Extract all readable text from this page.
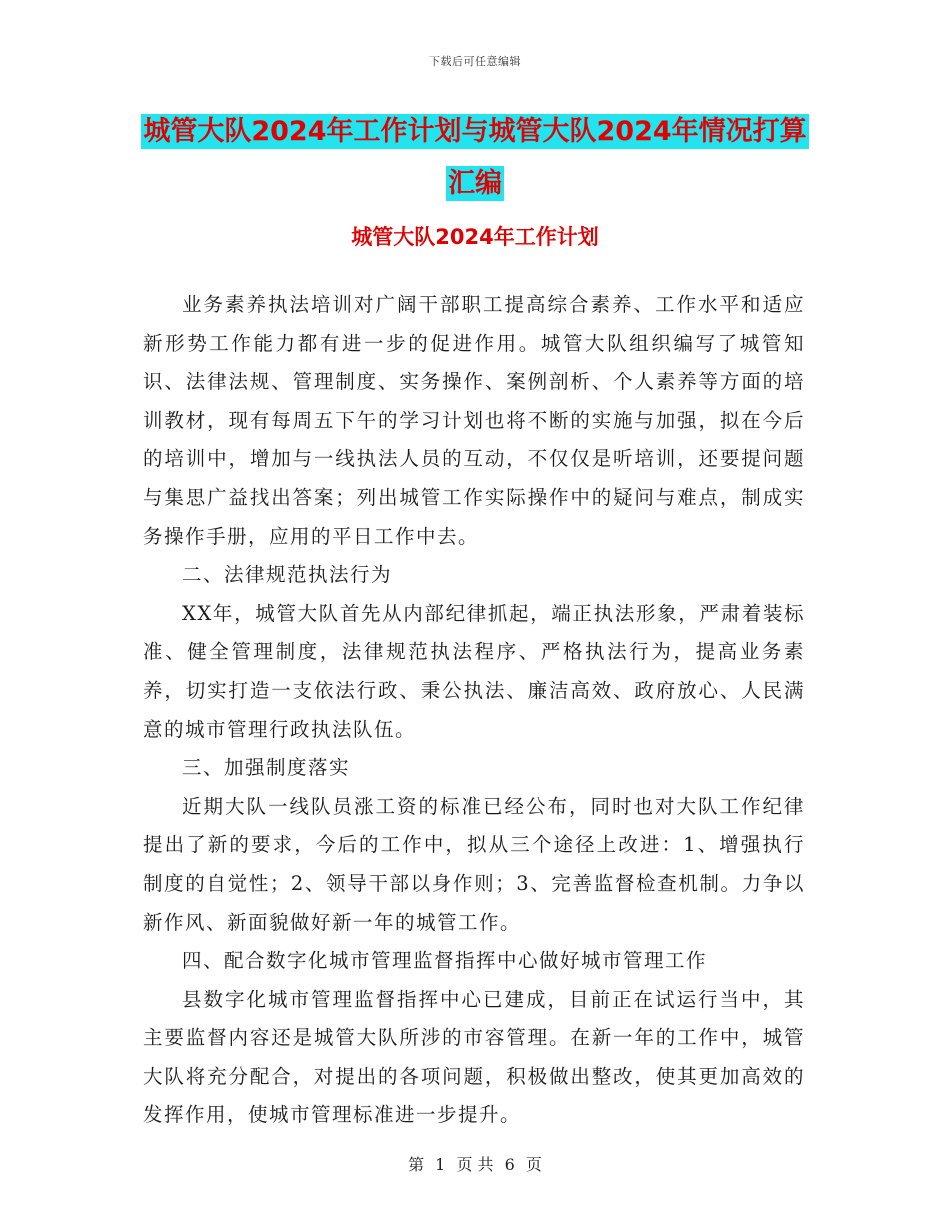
下载后可任意编辑
城管大队2024年工作计划与城管大队2024年情况打算汇编
城管大队2024年工作计划

业务素养执法培训对广阔干部职工提高综合素养、工作水平和适应新形势工作能力都有进一步的促进作用。城管大队组织编写了城管知识、法律法规、管理制度、实务操作、案例剖析、个人素养等方面的培训教材，现有每周五下午的学习计划也将不断的实施与加强，拟在今后的培训中，增加与一线执法人员的互动，不仅仅是听培训，还要提问题与集思广益找出答案；列出城管工作实际操作中的疑问与难点，制成实务操作手册，应用的平日工作中去。

二、法律规范执法行为

XX年，城管大队首先从内部纪律抓起，端正执法形象，严肃着装标准、健全管理制度，法律规范执法程序、严格执法行为，提高业务素养，切实打造一支依法行政、秉公执法、廉洁高效、政府放心、人民满意的城市管理行政执法队伍。

三、加强制度落实

近期大队一线队员涨工资的标准已经公布，同时也对大队工作纪律提出了新的要求，今后的工作中，拟从三个途径上改进：1、增强执行制度的自觉性；2、领导干部以身作则；3、完善监督检查机制。力争以新作风、新面貌做好新一年的城管工作。

四、配合数字化城市管理监督指挥中心做好城市管理工作

县数字化城市管理监督指挥中心已建成，目前正在试运行当中，其主要监督内容还是城管大队所涉的市容管理。在新一年的工作中，城管大队将充分配合，对提出的各项问题，积极做出整改，使其更加高效的发挥作用，使城市管理标准进一步提升。

第 1 页 共 6 页
